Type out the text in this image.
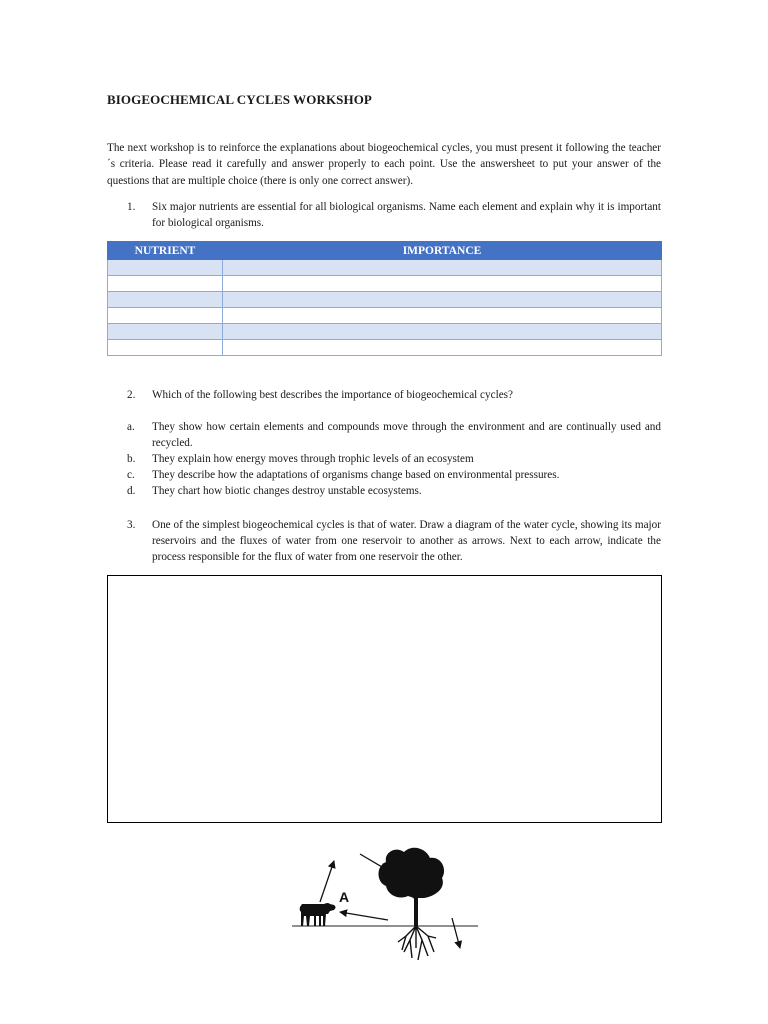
BIOGEOCHEMICAL CYCLES WORKSHOP
The next workshop is to reinforce the explanations about biogeochemical cycles, you must present it following the teacher´s criteria. Please read it carefully and answer properly to each point. Use the answersheet to put your answer of the questions that are multiple choice (there is only one correct answer).
1. Six major nutrients are essential for all biological organisms. Name each element and explain why it is important for biological organisms.
NUTRIENT	IMPORTANCE

2. Which of the following best describes the importance of biogeochemical cycles?
a. They show how certain elements and compounds move through the environment and are continually used and recycled.
b. They explain how energy moves through trophic levels of an ecosystem
c. They describe how the adaptations of organisms change based on environmental pressures.
d. They chart how biotic changes destroy unstable ecosystems.
3. One of the simplest biogeochemical cycles is that of water. Draw a diagram of the water cycle, showing its major reservoirs and the fluxes of water from one reservoir to another as arrows. Next to each arrow, indicate the process responsible for the flux of water from one reservoir the other.
A
